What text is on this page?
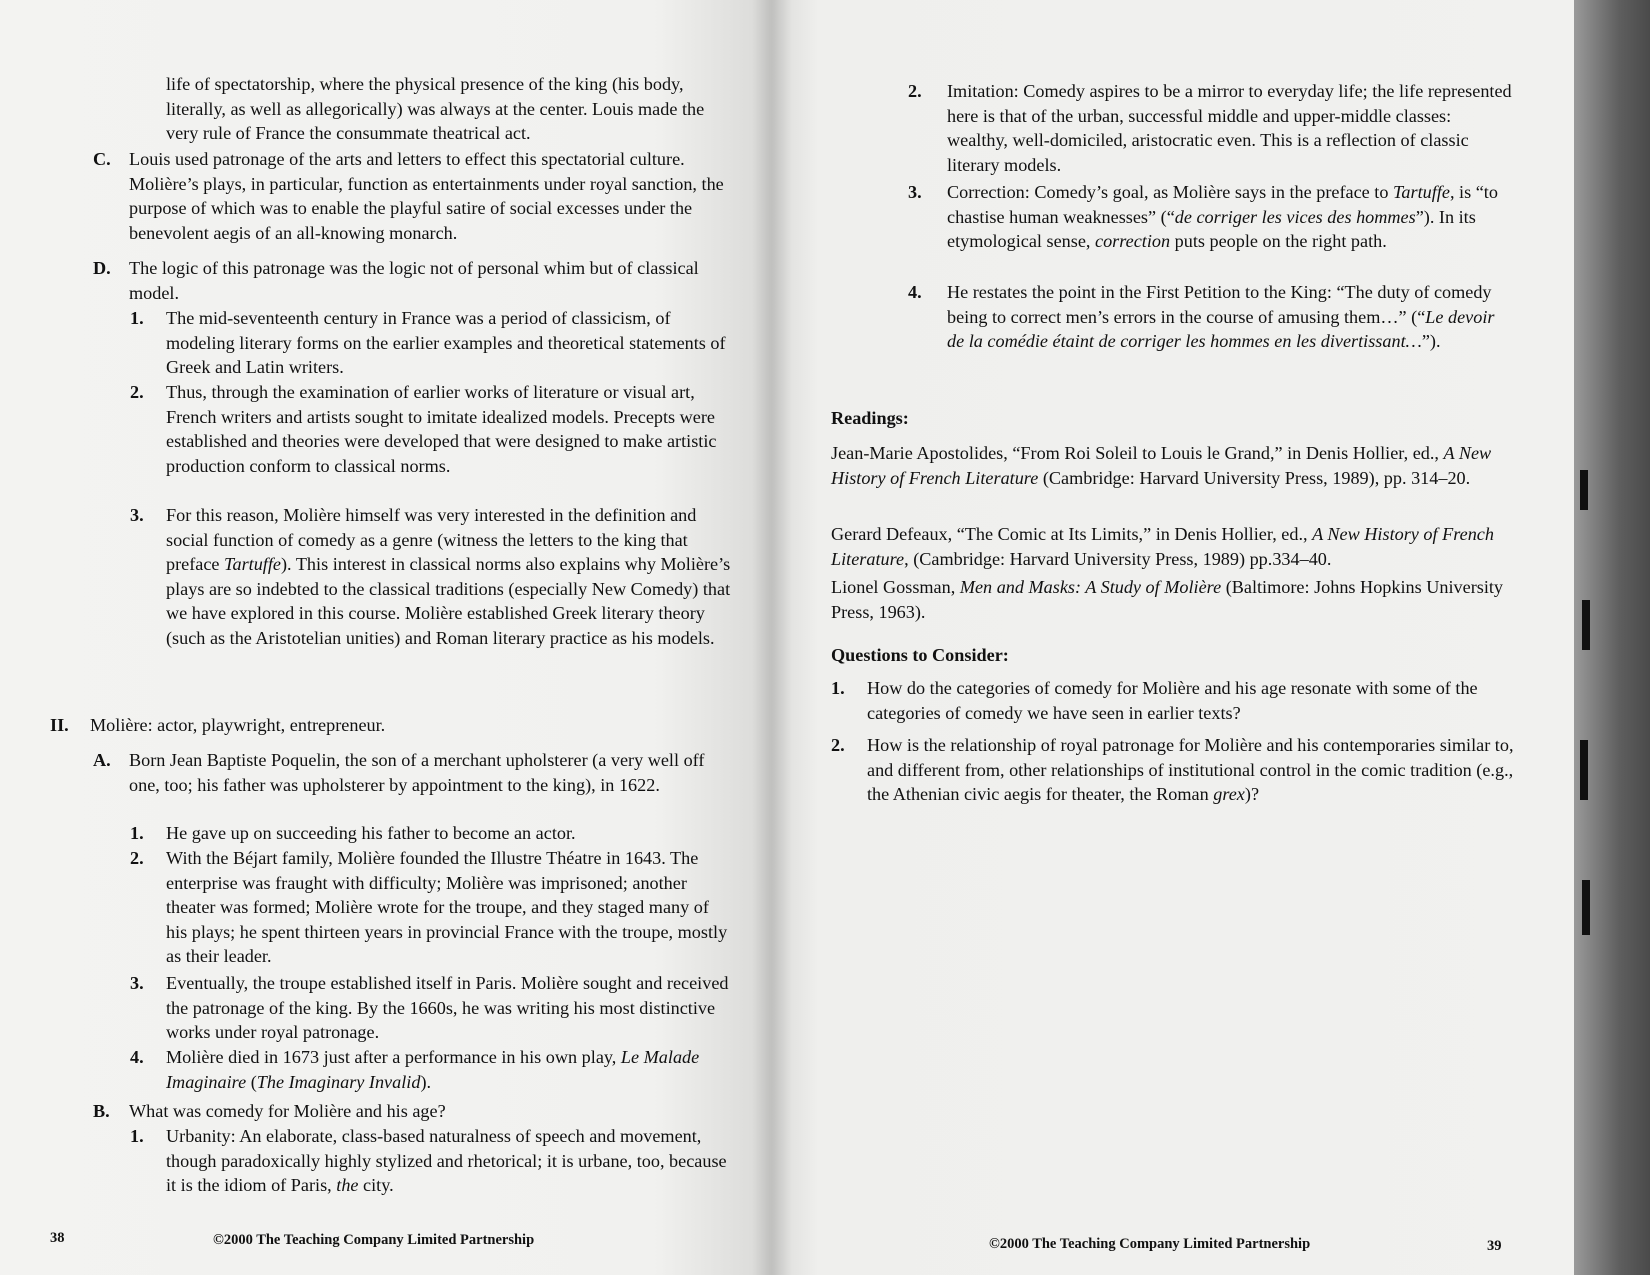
life of spectatorship, where the physical presence of the king (his body, literally, as well as allegorically) was always at the center. Louis made the very rule of France the consummate theatrical act.
C. Louis used patronage of the arts and letters to effect this spectatorial culture. Molière’s plays, in particular, function as entertainments under royal sanction, the purpose of which was to enable the playful satire of social excesses under the benevolent aegis of an all-knowing monarch.
D. The logic of this patronage was the logic not of personal whim but of classical model.
1. The mid-seventeenth century in France was a period of classicism, of modeling literary forms on the earlier examples and theoretical statements of Greek and Latin writers.
2. Thus, through the examination of earlier works of literature or visual art, French writers and artists sought to imitate idealized models. Precepts were established and theories were developed that were designed to make artistic production conform to classical norms.
3. For this reason, Molière himself was very interested in the definition and social function of comedy as a genre (witness the letters to the king that preface Tartuffe). This interest in classical norms also explains why Molière’s plays are so indebted to the classical traditions (especially New Comedy) that we have explored in this course. Molière established Greek literary theory (such as the Aristotelian unities) and Roman literary practice as his models.
II. Molière: actor, playwright, entrepreneur.
A. Born Jean Baptiste Poquelin, the son of a merchant upholsterer (a very well off one, too; his father was upholsterer by appointment to the king), in 1622.
1. He gave up on succeeding his father to become an actor.
2. With the Béjart family, Molière founded the Illustre Théatre in 1643. The enterprise was fraught with difficulty; Molière was imprisoned; another theater was formed; Molière wrote for the troupe, and they staged many of his plays; he spent thirteen years in provincial France with the troupe, mostly as their leader.
3. Eventually, the troupe established itself in Paris. Molière sought and received the patronage of the king. By the 1660s, he was writing his most distinctive works under royal patronage.
4. Molière died in 1673 just after a performance in his own play, Le Malade Imaginaire (The Imaginary Invalid).
B. What was comedy for Molière and his age?
1. Urbanity: An elaborate, class-based naturalness of speech and movement, though paradoxically highly stylized and rhetorical; it is urbane, too, because it is the idiom of Paris, the city.
38	©2000 The Teaching Company Limited Partnership
2. Imitation: Comedy aspires to be a mirror to everyday life; the life represented here is that of the urban, successful middle and upper-middle classes: wealthy, well-domiciled, aristocratic even. This is a reflection of classic literary models.
3. Correction: Comedy’s goal, as Molière says in the preface to Tartuffe, is “to chastise human weaknesses” (“de corriger les vices des hommes”). In its etymological sense, correction puts people on the right path.
4. He restates the point in the First Petition to the King: “The duty of comedy being to correct men’s errors in the course of amusing them…” (“Le devoir de la comédie étaint de corriger les hommes en les divertissant…”).
Readings:
Jean-Marie Apostolides, “From Roi Soleil to Louis le Grand,” in Denis Hollier, ed., A New History of French Literature (Cambridge: Harvard University Press, 1989), pp. 314–20.
Gerard Defeaux, “The Comic at Its Limits,” in Denis Hollier, ed., A New History of French Literature, (Cambridge: Harvard University Press, 1989) pp.334–40.
Lionel Gossman, Men and Masks: A Study of Molière (Baltimore: Johns Hopkins University Press, 1963).
Questions to Consider:
1. How do the categories of comedy for Molière and his age resonate with some of the categories of comedy we have seen in earlier texts?
2. How is the relationship of royal patronage for Molière and his contemporaries similar to, and different from, other relationships of institutional control in the comic tradition (e.g., the Athenian civic aegis for theater, the Roman grex)?
©2000 The Teaching Company Limited Partnership	39
